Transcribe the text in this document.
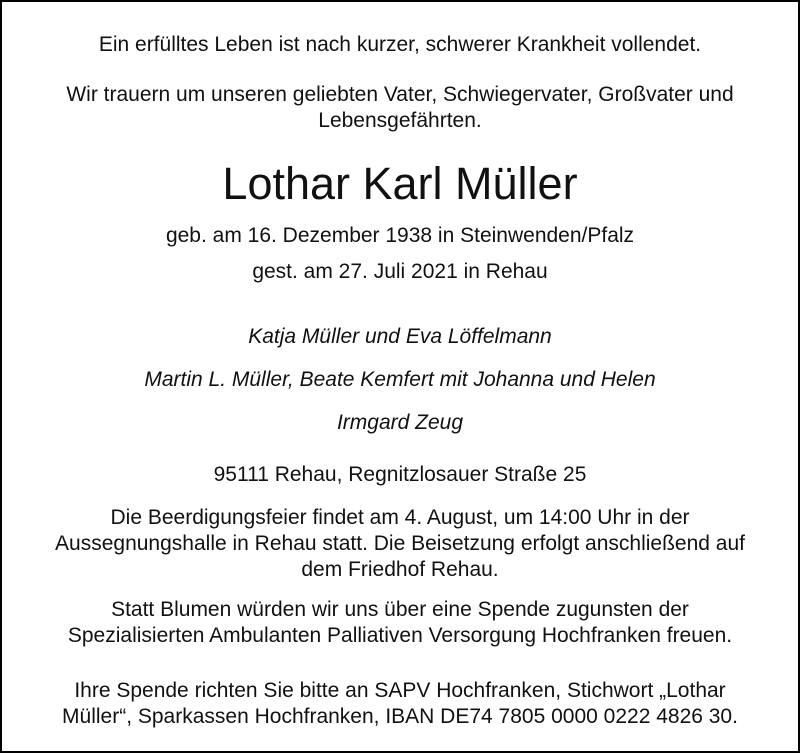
Ein erfülltes Leben ist nach kurzer, schwerer Krankheit vollendet.

Wir trauern um unseren geliebten Vater, Schwiegervater, Großvater und

Lebensgefährten.

Lothar Karl Müller

geb. am 16. Dezember 1938 in Steinwenden/Pfalz

gest. am 27. Juli 2021 in Rehau

Katja Müller und Eva Löffelmann

Martin L. Müller, Beate Kemfert mit Johanna und Helen

Irmgard Zeug

95111 Rehau, Regnitzlosauer Straße 25

Die Beerdigungsfeier findet am 4. August, um 14:00 Uhr in der

Aussegnungshalle in Rehau statt. Die Beisetzung erfolgt anschließend auf

dem Friedhof Rehau.

Statt Blumen würden wir uns über eine Spende zugunsten der

Spezialisierten Ambulanten Palliativen Versorgung Hochfranken freuen.

Ihre Spende richten Sie bitte an SAPV Hochfranken, Stichwort „Lothar

Müller“, Sparkassen Hochfranken, IBAN DE74 7805 0000 0222 4826 30.
